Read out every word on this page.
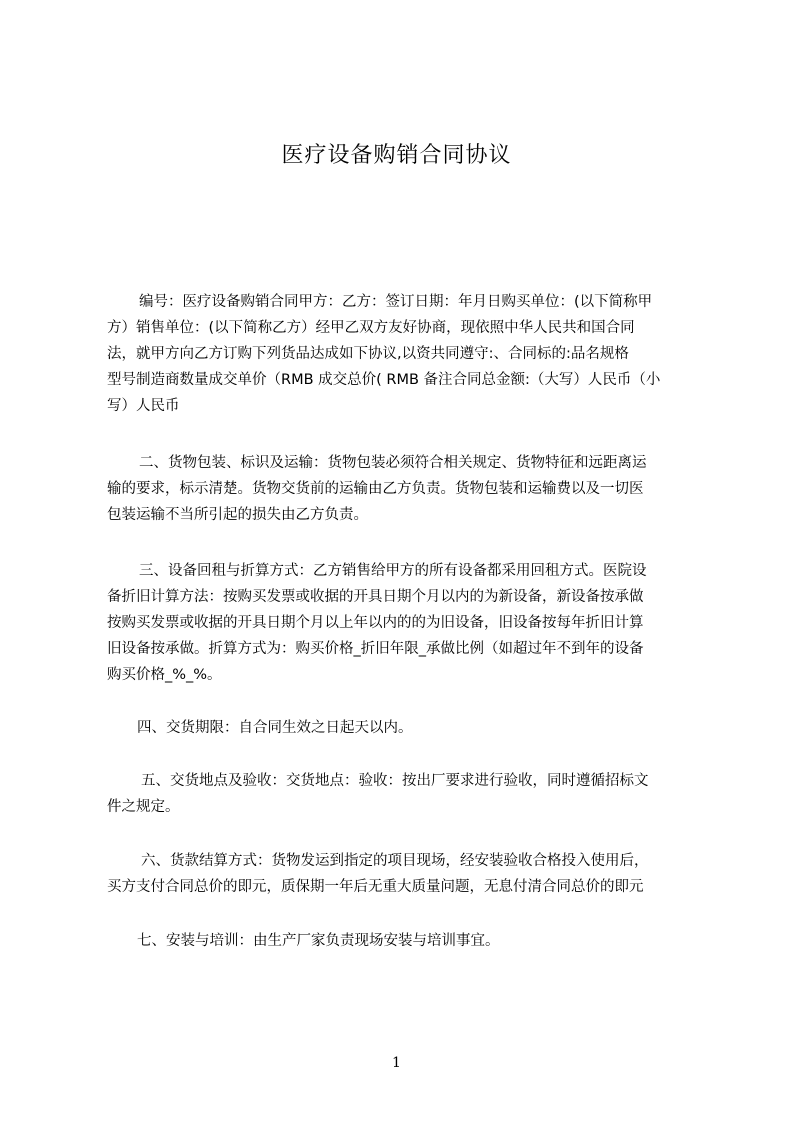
医疗设备购销合同协议
编号：医疗设备购销合同甲方：乙方：签订日期：年月日购买单位：(以下简称甲
方）销售单位：(以下简称乙方）经甲乙双方友好协商，现依照中华人民共和国合同
法，就甲方向乙方订购下列货品达成如下协议,以资共同遵守:、合同标的:品名规格
型号制造商数量成交单价（RMB 成交总价( RMB 备注合同总金额:（大写）人民币（小
写）人民币
二、货物包装、标识及运输：货物包装必须符合相关规定、货物特征和远距离运
输的要求，标示清楚。货物交货前的运输由乙方负责。货物包装和运输费以及一切医
包装运输不当所引起的损失由乙方负责。
三、设备回租与折算方式：乙方销售给甲方的所有设备都采用回租方式。医院设
备折旧计算方法：按购买发票或收据的开具日期个月以内的为新设备，新设备按承做
按购买发票或收据的开具日期个月以上年以内的的为旧设备，旧设备按每年折旧计算
旧设备按承做。折算方式为：购买价格_折旧年限_承做比例（如超过年不到年的设备
购买价格_%_%。
四、交货期限：自合同生效之日起天以内。
五、交货地点及验收：交货地点：验收：按出厂要求进行验收，同时遵循招标文
件之规定。
六、货款结算方式：货物发运到指定的项目现场，经安装验收合格投入使用后，
买方支付合同总价的即元，质保期一年后无重大质量问题，无息付清合同总价的即元
七、安装与培训：由生产厂家负责现场安装与培训事宜。
1
